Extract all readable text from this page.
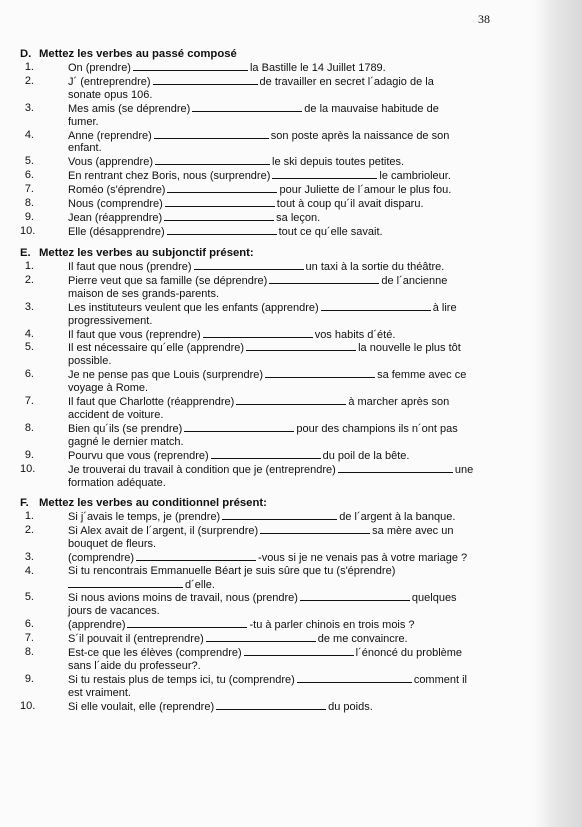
38
D. Mettez les verbes au passé composé
1.	On (prendre)	la Bastille le 14 Juillet 1789.
2.	J´ (entreprendre)	de travailler en secret l´adagio de la
sonate opus 106.
3.	Mes amis (se déprendre)	de la mauvaise habitude de
fumer.
4.	Anne (reprendre)	son poste après la naissance de son
enfant.
5.	Vous (apprendre)	le ski depuis toutes petites.
6.	En rentrant chez Boris, nous (surprendre)	le cambrioleur.
7.	Roméo (s'éprendre)	pour Juliette de l´amour le plus fou.
8.	Nous (comprendre)	tout à coup qu´il avait disparu.
9.	Jean (réapprendre)	sa leçon.
10.	Elle (désapprendre)	tout ce qu´elle savait.
E. Mettez les verbes au subjonctif présent:
1.	Il faut que nous (prendre)	un taxi à la sortie du théâtre.
2.	Pierre veut que sa famille (se déprendre)	de l´ancienne
maison de ses grands-parents.
3.	Les instituteurs veulent que les enfants (apprendre)	à lire
progressivement.
4.	Il faut que vous (reprendre)	vos habits d´été.
5.	Il est nécessaire qu´elle (apprendre)	la nouvelle le plus tôt
possible.
6.	Je ne pense pas que Louis (surprendre)	sa femme avec ce
voyage à Rome.
7.	Il faut que Charlotte (réapprendre)	à marcher après son
accident de voiture.
8.	Bien qu´ils (se prendre)	pour des champions ils n´ont pas
gagné le dernier match.
9.	Pourvu que vous (reprendre)	du poil de la bête.
10.	Je trouverai du travail à condition que je (entreprendre)	une
formation adéquate.
F. Mettez les verbes au conditionnel présent:
1.	Si j´avais le temps, je (prendre)	de l´argent à la banque.
2.	Si Alex avait de l´argent, il (surprendre)	sa mère avec un
bouquet de fleurs.
3.	(comprendre)	-vous si je ne venais pas à votre mariage ?
4.	Si tu rencontrais Emmanuelle Béart je suis sûre que tu (s'éprendre)
d´elle.
5.	Si nous avions moins de travail, nous (prendre)	quelques
jours de vacances.
6.	(apprendre)	-tu à parler chinois en trois mois ?
7.	S´il pouvait il (entreprendre)	de me convaincre.
8.	Est-ce que les élèves (comprendre)	l´énoncé du problème
sans l´aide du professeur?.
9.	Si tu restais plus de temps ici, tu (comprendre)	comment il
est vraiment.
10.	Si elle voulait, elle (reprendre)	du poids.
